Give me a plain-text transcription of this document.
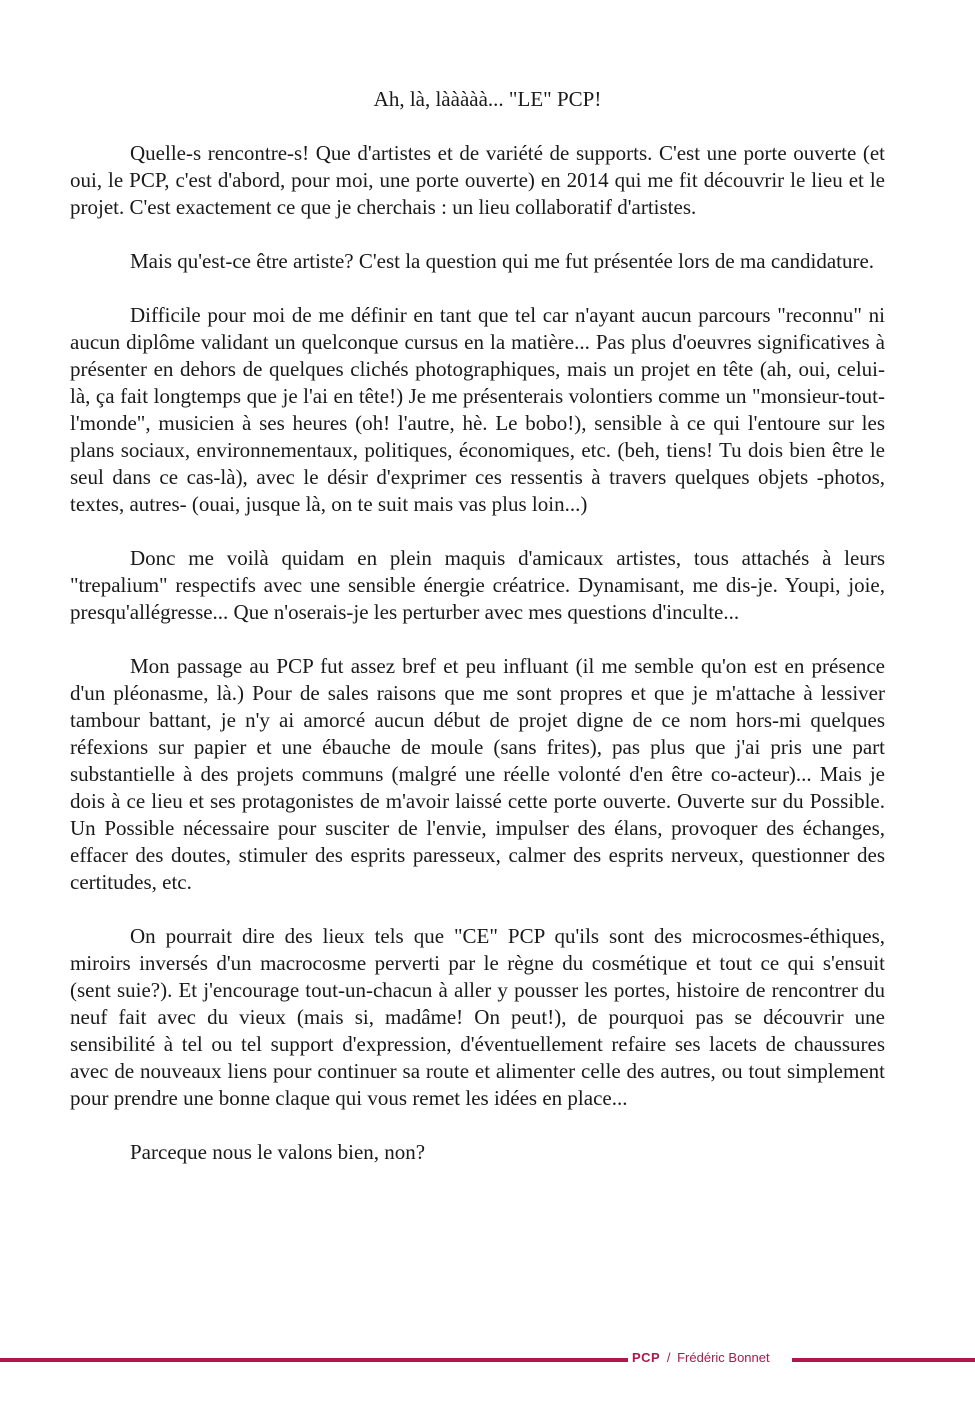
Ah, là, lààààà... "LE" PCP!

Quelle-s rencontre-s! Que d'artistes et de variété de supports. C'est une porte ouverte (et oui, le PCP, c'est d'abord, pour moi, une porte ouverte) en 2014 qui me fit découvrir le lieu et le projet. C'est exactement ce que je cherchais : un lieu collaboratif d'artistes.

Mais qu'est-ce être artiste? C'est la question qui me fut présentée lors de ma candidature.

Difficile pour moi de me définir en tant que tel car n'ayant aucun parcours "reconnu" ni aucun diplôme validant un quelconque cursus en la matière... Pas plus d'oeuvres significatives à présenter en dehors de quelques clichés photographiques, mais un projet en tête (ah, oui, celui-là, ça fait longtemps que je l'ai en tête!) Je me présenterais volontiers comme un "monsieur-tout-l'monde", musicien à ses heures (oh! l'autre, hè. Le bobo!), sensible à ce qui l'entoure sur les plans sociaux, environnementaux, politiques, économiques, etc. (beh, tiens! Tu dois bien être le seul dans ce cas-là), avec le désir d'exprimer ces ressentis à travers quelques objets -photos, textes, autres- (ouai, jusque là, on te suit mais vas plus loin...)

Donc me voilà quidam en plein maquis d'amicaux artistes, tous attachés à leurs "trepalium" respectifs avec une sensible énergie créatrice. Dynamisant, me dis-je. Youpi, joie, presqu'allégresse... Que n'oserais-je les perturber avec mes questions d'inculte...

Mon passage au PCP fut assez bref et peu influant (il me semble qu'on est en présence d'un pléonasme, là.) Pour de sales raisons que me sont propres et que je m'attache à lessiver tambour battant, je n'y ai amorcé aucun début de projet digne de ce nom hors-mi quelques réfexions sur papier et une ébauche de moule (sans frites), pas plus que j'ai pris une part substantielle à des projets communs (malgré une réelle volonté d'en être co-acteur)... Mais je dois à ce lieu et ses protagonistes de m'avoir laissé cette porte ouverte. Ouverte sur du Possible. Un Possible nécessaire pour susciter de l'envie, impulser des élans, provoquer des échanges, effacer des doutes, stimuler des esprits paresseux, calmer des esprits nerveux, questionner des certitudes, etc.

On pourrait dire des lieux tels que "CE" PCP qu'ils sont des microcosmes-éthiques, miroirs inversés d'un macrocosme perverti par le règne du cosmétique et tout ce qui s'ensuit (sent suie?). Et j'encourage tout-un-chacun à aller y pousser les portes, histoire de rencontrer du neuf fait avec du vieux (mais si, madâme! On peut!), de pourquoi pas se découvrir une sensibilité à tel ou tel support d'expression, d'éventuellement refaire ses lacets de chaussures avec de nouveaux liens pour continuer sa route et alimenter celle des autres, ou tout simplement pour prendre une bonne claque qui vous remet les idées en place...

Parceque nous le valons bien, non?

PCP / Frédéric Bonnet
